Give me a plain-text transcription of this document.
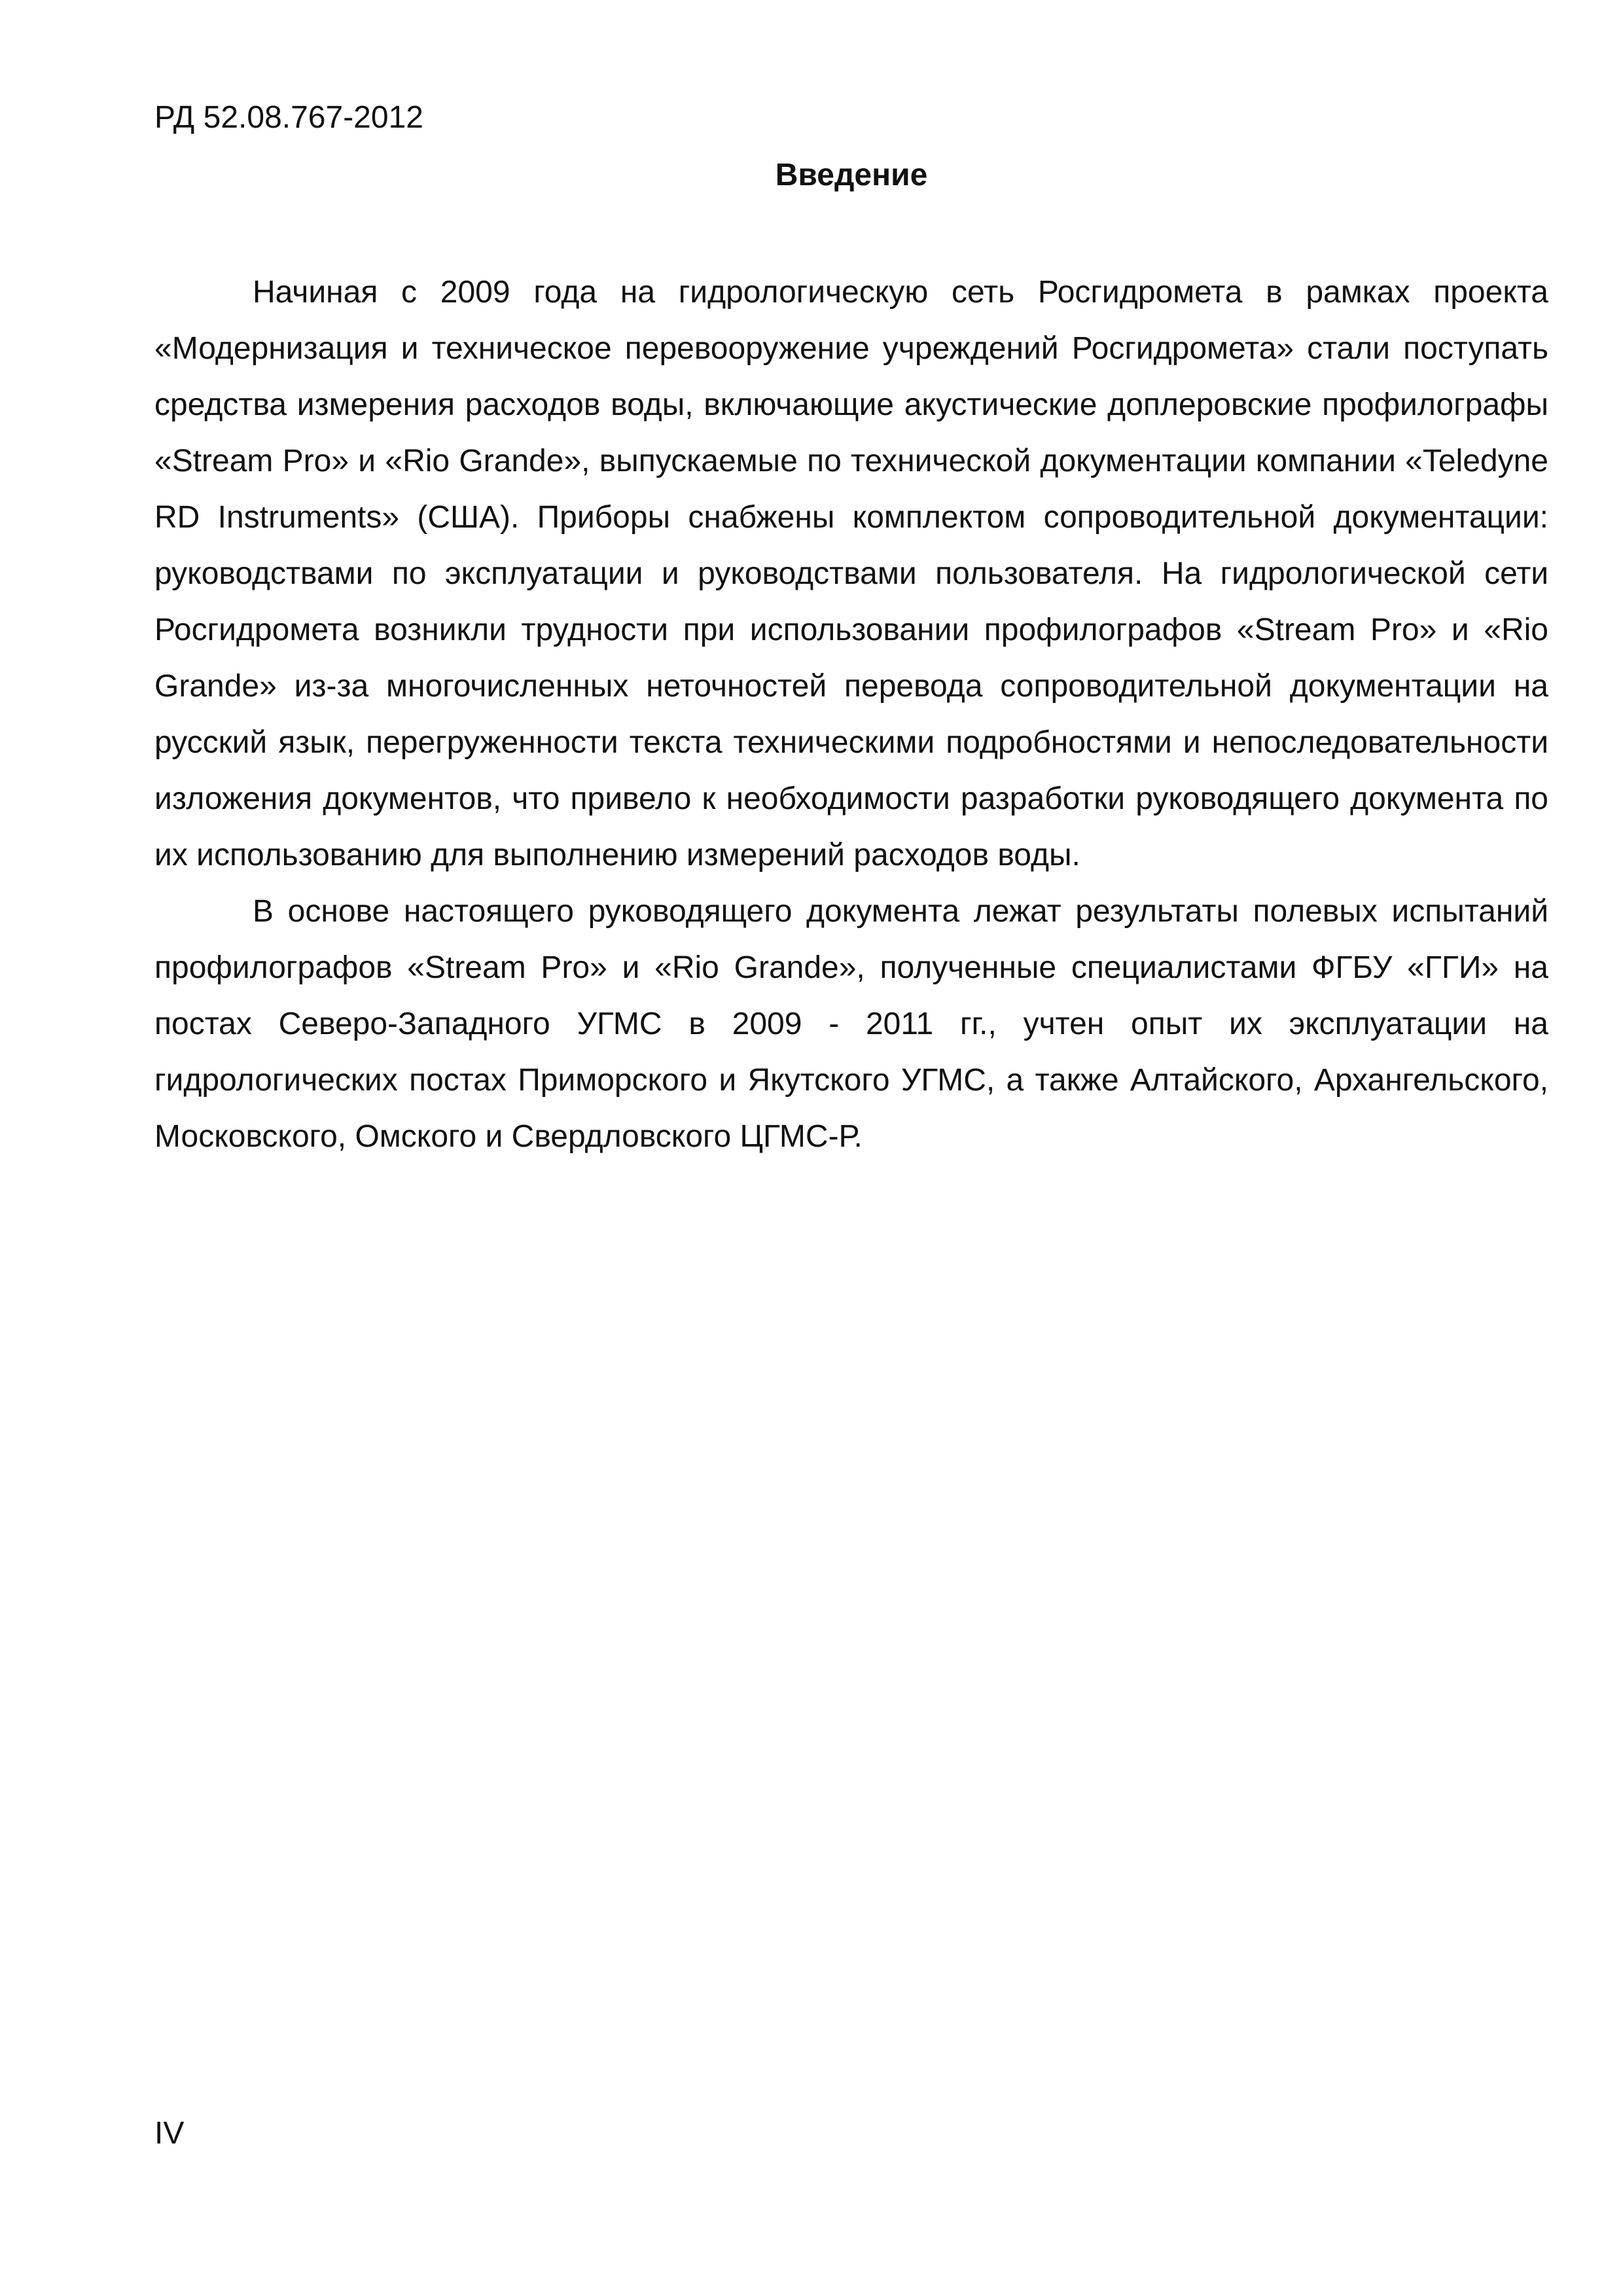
РД 52.08.767-2012
Введение

Начиная с 2009 года на гидрологическую сеть Росгидромета в рамках проекта «Модернизация и техническое перевооружение учреждений Росгидромета» стали поступать средства измерения расходов воды, включающие акустические доплеровские профилографы «Stream Pro» и «Rio Grande», выпускаемые по технической документации компании «Teledyne RD Instruments» (США). Приборы снабжены комплектом сопроводительной документации: руководствами по эксплуатации и руководствами пользователя. На гидрологической сети Росгидромета возникли трудности при использовании профилографов «Stream Pro» и «Rio Grande» из-за многочисленных неточностей перевода сопроводительной документации на русский язык, перегруженности текста техническими подробностями и непоследовательности изложения документов, что привело к необходимости разработки руководящего документа по их использованию для выполнению измерений расходов воды.

В основе настоящего руководящего документа лежат результаты полевых испытаний профилографов «Stream Pro» и «Rio Grande», полученные специалистами ФГБУ «ГГИ» на постах Северо-Западного УГМС в 2009 - 2011 гг., учтен опыт их эксплуатации на гидрологических постах Приморского и Якутского УГМС, а также Алтайского, Архангельского, Московского, Омского и Свердловского ЦГМС-Р.

IV
